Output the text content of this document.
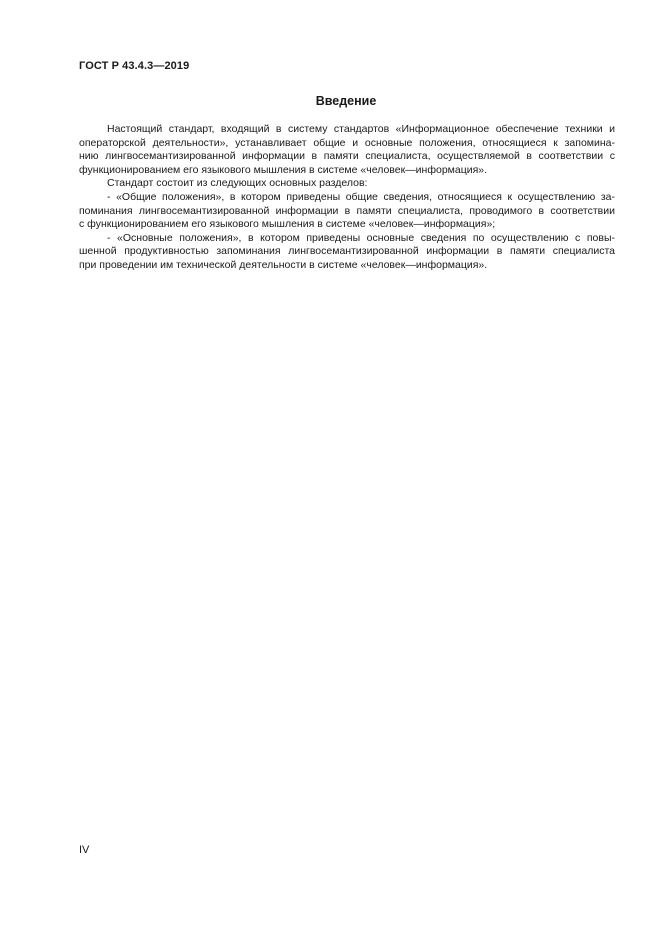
ГОСТ Р 43.4.3—2019
Введение
Настоящий стандарт, входящий в систему стандартов «Информационное обеспечение техники и
операторской деятельности», устанавливает общие и основные положения, относящиеся к запомина-
нию лингвосемантизированной информации в памяти специалиста, осуществляемой в соответствии с
функционированием его языкового мышления в системе «человек—информация».
Стандарт состоит из следующих основных разделов:
- «Общие положения», в котором приведены общие сведения, относящиеся к осуществлению за-
поминания лингвосемантизированной информации в памяти специалиста, проводимого в соответствии
с функционированием его языкового мышления в системе «человек—информация»;
- «Основные положения», в котором приведены основные сведения по осуществлению с повы-
шенной продуктивностью запоминания лингвосемантизированной информации в памяти специалиста
при проведении им технической деятельности в системе «человек—информация».
IV
